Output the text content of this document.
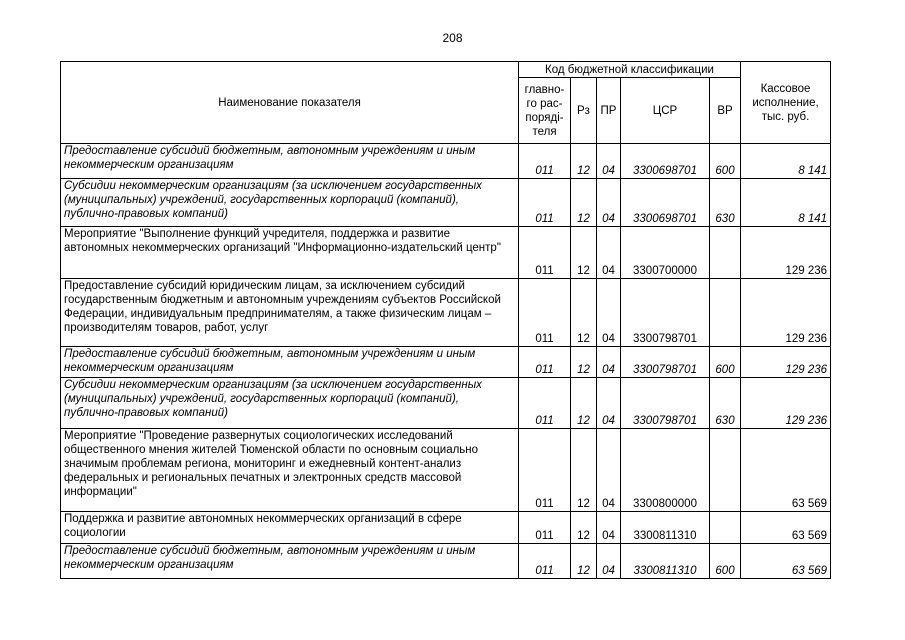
208
Наименование показателя	Код бюджетной классификации					Кассовое исполнение, тыс. руб.
	главно-
го рас-
порядi-
теля	Рз	ПР	ЦСР	ВР	
Предоставление субсидий бюджетным, автономным учреждениям и иным некоммерческим организациям	011	12	04	3300698701	600	8 141
Субсидии некоммерческим организациям (за исключением государственных (муниципальных) учреждений, государственных корпораций (компаний), публично-правовых компаний)	011	12	04	3300698701	630	8 141
Мероприятие "Выполнение функций учредителя, поддержка и развитие автономных некоммерческих организаций "Информационно-издательский центр"	011	12	04	3300700000		129 236
Предоставление субсидий юридическим лицам, за исключением субсидий государственным бюджетным и автономным учреждениям субъектов Российской Федерации, индивидуальным предпринимателям, а также физическим лицам – производителям товаров, работ, услуг	011	12	04	3300798701		129 236
Предоставление субсидий бюджетным, автономным учреждениям и иным некоммерческим организациям	011	12	04	3300798701	600	129 236
Субсидии некоммерческим организациям (за исключением государственных (муниципальных) учреждений, государственных корпораций (компаний), публично-правовых компаний)	011	12	04	3300798701	630	129 236
Мероприятие "Проведение развернутых социологических исследований общественного мнения жителей Тюменской области по основным социально значимым проблемам региона, мониторинг и ежедневный контент-анализ федеральных и региональных печатных и электронных средств массовой информации"	011	12	04	3300800000		63 569
Поддержка и развитие автономных некоммерческих организаций в сфере социологии	011	12	04	3300811310		63 569
Предоставление субсидий бюджетным, автономным учреждениям и иным некоммерческим организациям	011	12	04	3300811310	600	63 569
